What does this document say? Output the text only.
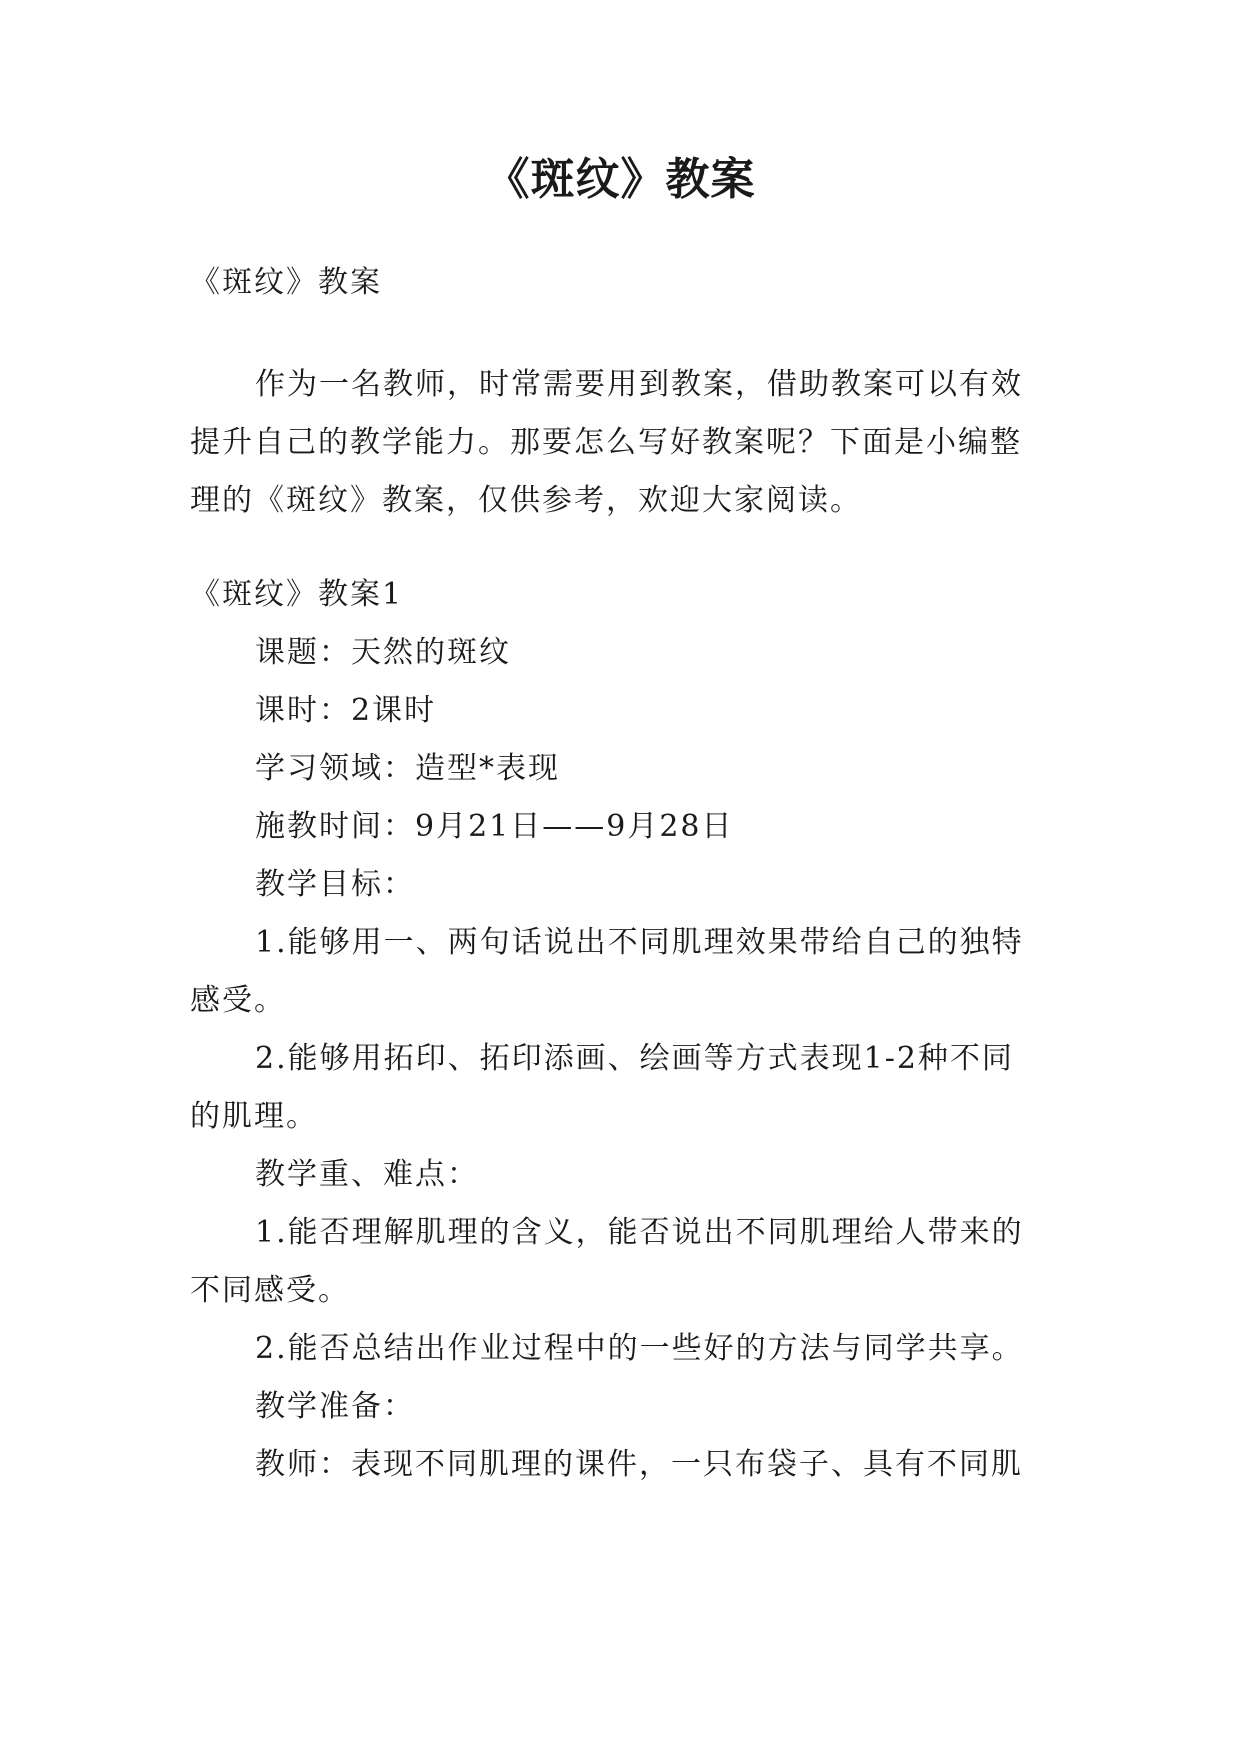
《斑纹》教案
《斑纹》教案
作为一名教师，时常需要用到教案，借助教案可以有效
提升自己的教学能力。那要怎么写好教案呢？下面是小编整
理的《斑纹》教案，仅供参考，欢迎大家阅读。
《斑纹》教案1
课题：天然的斑纹
课时：2课时
学习领域：造型*表现
施教时间：9月21日——9月28日
教学目标：
1.能够用一、两句话说出不同肌理效果带给自己的独特
感受。
2.能够用拓印、拓印添画、绘画等方式表现1-2种不同
的肌理。
教学重、难点：
1.能否理解肌理的含义，能否说出不同肌理给人带来的
不同感受。
2.能否总结出作业过程中的一些好的方法与同学共享。
教学准备：
教师：表现不同肌理的课件，一只布袋子、具有不同肌
